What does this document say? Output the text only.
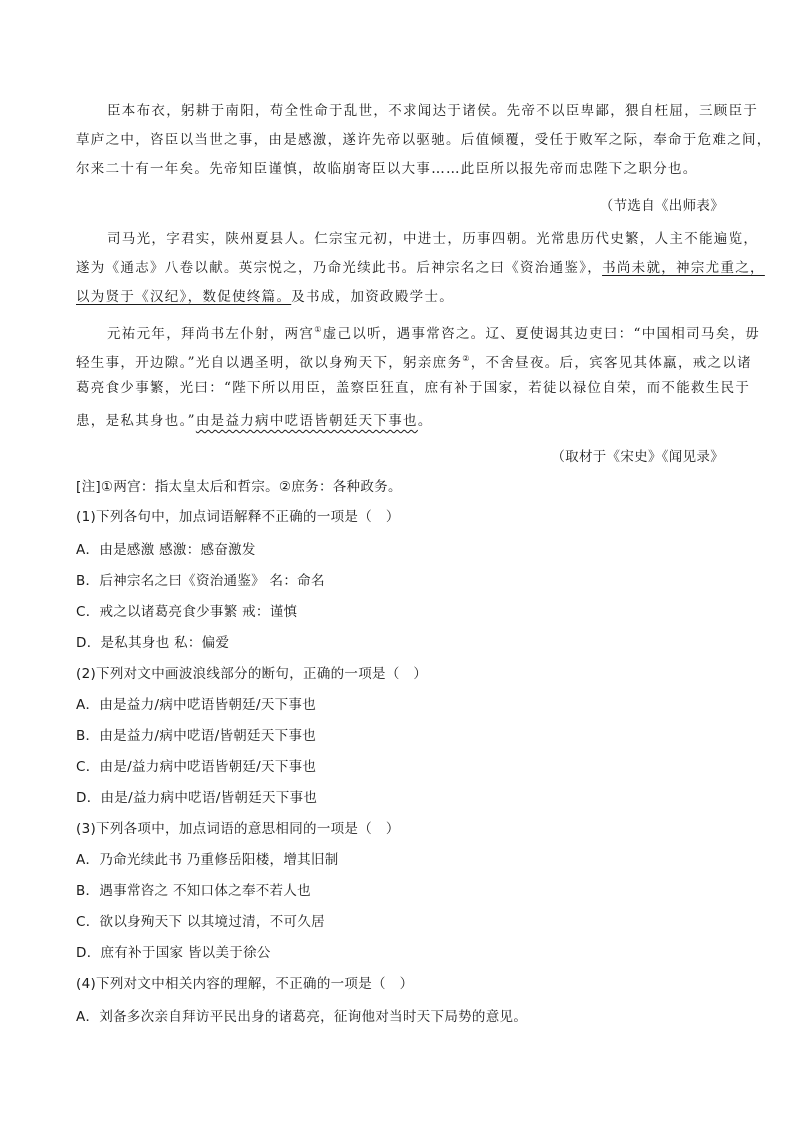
臣本布衣，躬耕于南阳，苟全性命于乱世，不求闻达于诸侯。先帝不以臣卑鄙，猥自枉屈，三顾臣于
草庐之中，咨臣以当世之事，由是感激，遂许先帝以驱驰。后值倾覆，受任于败军之际，奉命于危难之间，
尔来二十有一年矣。先帝知臣谨慎，故临崩寄臣以大事……此臣所以报先帝而忠陛下之职分也。
（节选自《出师表》
司马光，字君实，陕州夏县人。仁宗宝元初，中进士，历事四朝。光常患历代史繁，人主不能遍览，
遂为《通志》八卷以献。英宗悦之，乃命光续此书。后神宗名之曰《资治通鉴》，书尚未就，神宗尤重之，
以为贤于《汉纪》，数促使终篇。及书成，加资政殿学士。
元祐元年，拜尚书左仆射，两宫①虚己以听，遇事常咨之。辽、夏使谒其边吏曰：“中国相司马矣，毋
轻生事，开边隙。”光自以遇圣明，欲以身殉天下，躬亲庶务②，不舍昼夜。后，宾客见其体羸，戒之以诸
葛亮食少事繁，光曰：“陛下所以用臣，盖察臣狂直，庶有补于国家，若徒以禄位自荣，而不能救生民于
患，是私其身也。”由是益力病中呓语皆朝廷天下事也。
（取材于《宋史》《闻见录》
[注]①两宫：指太皇太后和哲宗。②庶务：各种政务。
(1)下列各句中，加点词语解释不正确的一项是（　）
A．由是感激 感激：感奋激发
B．后神宗名之曰《资治通鉴》 名：命名
C．戒之以诸葛亮食少事繁 戒：谨慎
D．是私其身也 私：偏爱
(2)下列对文中画波浪线部分的断句，正确的一项是（　）
A．由是益力/病中呓语皆朝廷/天下事也
B．由是益力/病中呓语/皆朝廷天下事也
C．由是/益力病中呓语皆朝廷/天下事也
D．由是/益力病中呓语/皆朝廷天下事也
(3)下列各项中，加点词语的意思相同的一项是（　）
A．乃命光续此书 乃重修岳阳楼，增其旧制
B．遇事常咨之 不知口体之奉不若人也
C．欲以身殉天下 以其境过清，不可久居
D．庶有补于国家 皆以美于徐公
(4)下列对文中相关内容的理解，不正确的一项是（　）
A．刘备多次亲自拜访平民出身的诸葛亮，征询他对当时天下局势的意见。
